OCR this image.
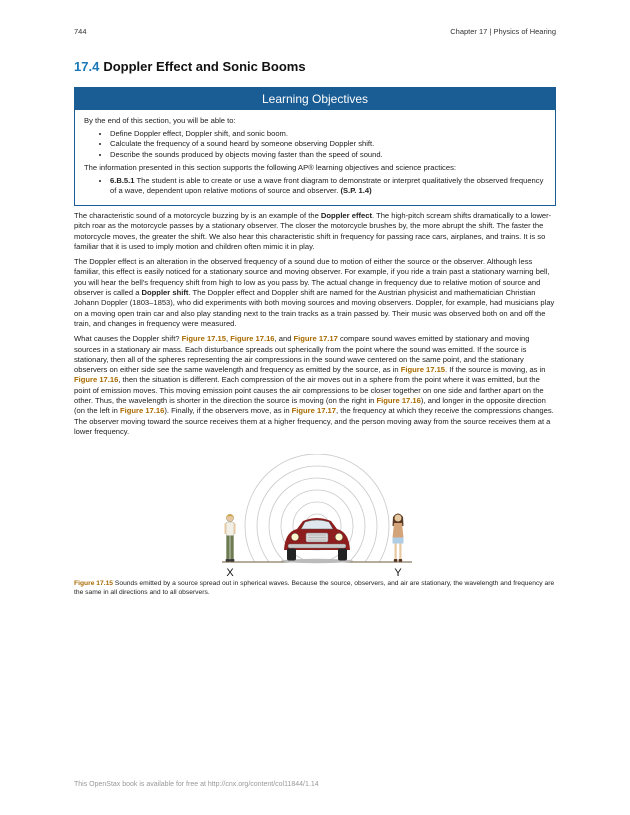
744	Chapter 17 | Physics of Hearing
17.4 Doppler Effect and Sonic Booms
Learning Objectives

By the end of this section, you will be able to:

• Define Doppler effect, Doppler shift, and sonic boom.
• Calculate the frequency of a sound heard by someone observing Doppler shift.
• Describe the sounds produced by objects moving faster than the speed of sound.

The information presented in this section supports the following AP® learning objectives and science practices:

• 6.B.5.1 The student is able to create or use a wave front diagram to demonstrate or interpret qualitatively the observed frequency of a wave, dependent upon relative motions of source and observer. (S.P. 1.4)

The characteristic sound of a motorcycle buzzing by is an example of the Doppler effect. The high-pitch scream shifts dramatically to a lower-pitch roar as the motorcycle passes by a stationary observer. The closer the motorcycle brushes by, the more abrupt the shift. The faster the motorcycle moves, the greater the shift. We also hear this characteristic shift in frequency for passing race cars, airplanes, and trains. It is so familiar that it is used to imply motion and children often mimic it in play.

The Doppler effect is an alteration in the observed frequency of a sound due to motion of either the source or the observer. Although less familiar, this effect is easily noticed for a stationary source and moving observer. For example, if you ride a train past a stationary warning bell, you will hear the bell's frequency shift from high to low as you pass by. The actual change in frequency due to relative motion of source and observer is called a Doppler shift. The Doppler effect and Doppler shift are named for the Austrian physicist and mathematician Christian Johann Doppler (1803–1853), who did experiments with both moving sources and moving observers. Doppler, for example, had musicians play on a moving open train car and also play standing next to the train tracks as a train passed by. Their music was observed both on and off the train, and changes in frequency were measured.

What causes the Doppler shift? Figure 17.15, Figure 17.16, and Figure 17.17 compare sound waves emitted by stationary and moving sources in a stationary air mass. Each disturbance spreads out spherically from the point where the sound was emitted. If the source is stationary, then all of the spheres representing the air compressions in the sound wave centered on the same point, and the stationary observers on either side see the same wavelength and frequency as emitted by the source, as in Figure 17.15. If the source is moving, as in Figure 17.16, then the situation is different. Each compression of the air moves out in a sphere from the point where it was emitted, but the point of emission moves. This moving emission point causes the air compressions to be closer together on one side and farther apart on the other. Thus, the wavelength is shorter in the direction the source is moving (on the right in Figure 17.16), and longer in the opposite direction (on the left in Figure 17.16). Finally, if the observers move, as in Figure 17.17, the frequency at which they receive the compressions changes. The observer moving toward the source receives them at a higher frequency, and the person moving away from the source receives them at a lower frequency.

X	Y
Figure 17.15 Sounds emitted by a source spread out in spherical waves. Because the source, observers, and air are stationary, the wavelength and frequency are the same in all directions and to all observers.
This OpenStax book is available for free at http://cnx.org/content/col11844/1.14
